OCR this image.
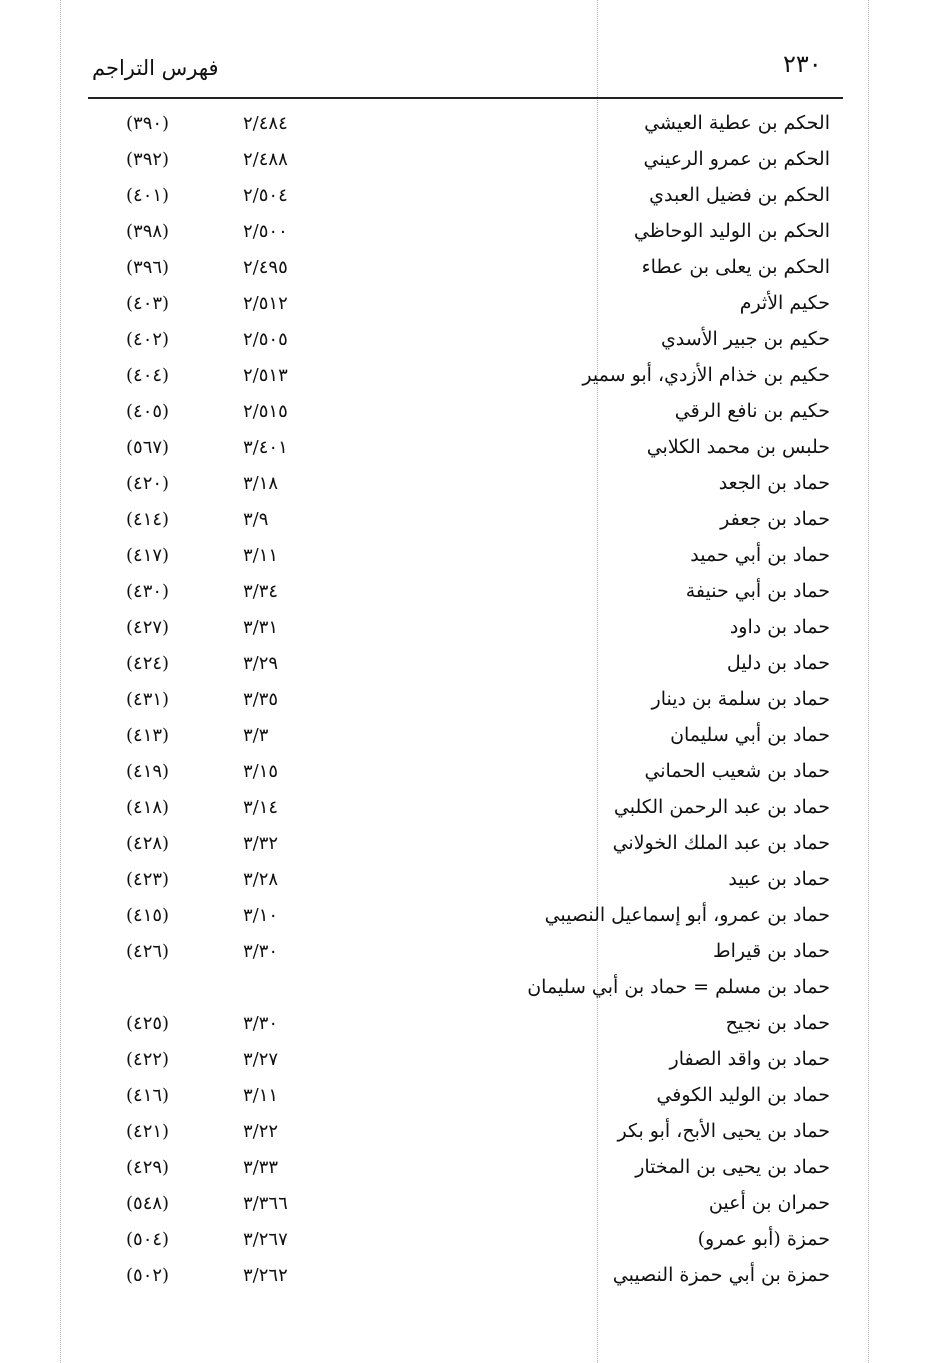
٢٣٠
فهرس التراجم
الحكم بن عطية العيشي
٢/٤٨٤
(٣٩٠)
الحكم بن عمرو الرعيني
٢/٤٨٨
(٣٩٢)
الحكم بن فضيل العبدي
٢/٥٠٤
(٤٠١)
الحكم بن الوليد الوحاظي
٢/٥٠٠
(٣٩٨)
الحكم بن يعلى بن عطاء
٢/٤٩٥
(٣٩٦)
حكيم الأثرم
٢/٥١٢
(٤٠٣)
حكيم بن جبير الأسدي
٢/٥٠٥
(٤٠٢)
حكيم بن خذام الأزدي، أبو سمير
٢/٥١٣
(٤٠٤)
حكيم بن نافع الرقي
٢/٥١٥
(٤٠٥)
حلبس بن محمد الكلابي
٣/٤٠١
(٥٦٧)
حماد بن الجعد
٣/١٨
(٤٢٠)
حماد بن جعفر
٣/٩
(٤١٤)
حماد بن أبي حميد
٣/١١
(٤١٧)
حماد بن أبي حنيفة
٣/٣٤
(٤٣٠)
حماد بن داود
٣/٣١
(٤٢٧)
حماد بن دليل
٣/٢٩
(٤٢٤)
حماد بن سلمة بن دينار
٣/٣٥
(٤٣١)
حماد بن أبي سليمان
٣/٣
(٤١٣)
حماد بن شعيب الحماني
٣/١٥
(٤١٩)
حماد بن عبد الرحمن الكلبي
٣/١٤
(٤١٨)
حماد بن عبد الملك الخولاني
٣/٣٢
(٤٢٨)
حماد بن عبيد
٣/٢٨
(٤٢٣)
حماد بن عمرو، أبو إسماعيل النصيبي
٣/١٠
(٤١٥)
حماد بن قيراط
٣/٣٠
(٤٢٦)
حماد بن مسلم = حماد بن أبي سليمان
حماد بن نجيح
٣/٣٠
(٤٢٥)
حماد بن واقد الصفار
٣/٢٧
(٤٢٢)
حماد بن الوليد الكوفي
٣/١١
(٤١٦)
حماد بن يحيى الأبح، أبو بكر
٣/٢٢
(٤٢١)
حماد بن يحيى بن المختار
٣/٣٣
(٤٢٩)
حمران بن أعين
٣/٣٦٦
(٥٤٨)
حمزة (أبو عمرو)
٣/٢٦٧
(٥٠٤)
حمزة بن أبي حمزة النصيبي
٣/٢٦٢
(٥٠٢)
